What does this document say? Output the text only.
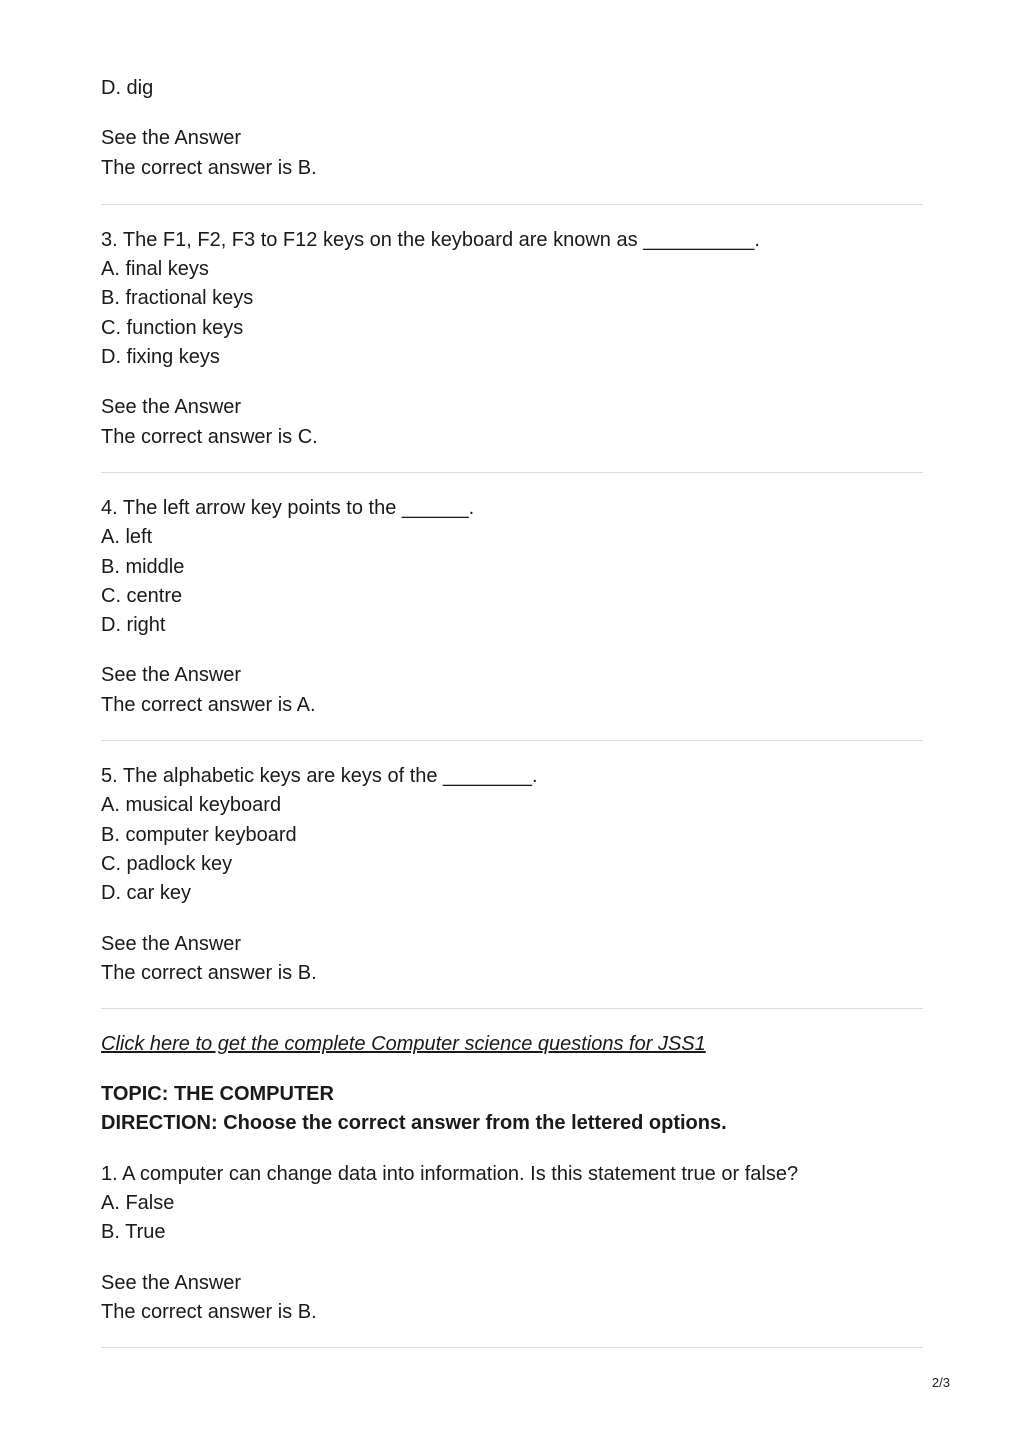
D. dig
See the Answer
The correct answer is B.
3. The F1, F2, F3 to F12 keys on the keyboard are known as __________.
A. final keys
B. fractional keys
C. function keys
D. fixing keys
See the Answer
The correct answer is C.
4. The left arrow key points to the ______.
A. left
B. middle
C. centre
D. right
See the Answer
The correct answer is A.
5. The alphabetic keys are keys of the ________.
A. musical keyboard
B. computer keyboard
C. padlock key
D. car key
See the Answer
The correct answer is B.
Click here to get the complete Computer science questions for JSS1
TOPIC: THE COMPUTER
DIRECTION: Choose the correct answer from the lettered options.
1. A computer can change data into information. Is this statement true or false?
A. False
B. True
See the Answer
The correct answer is B.
2/3
